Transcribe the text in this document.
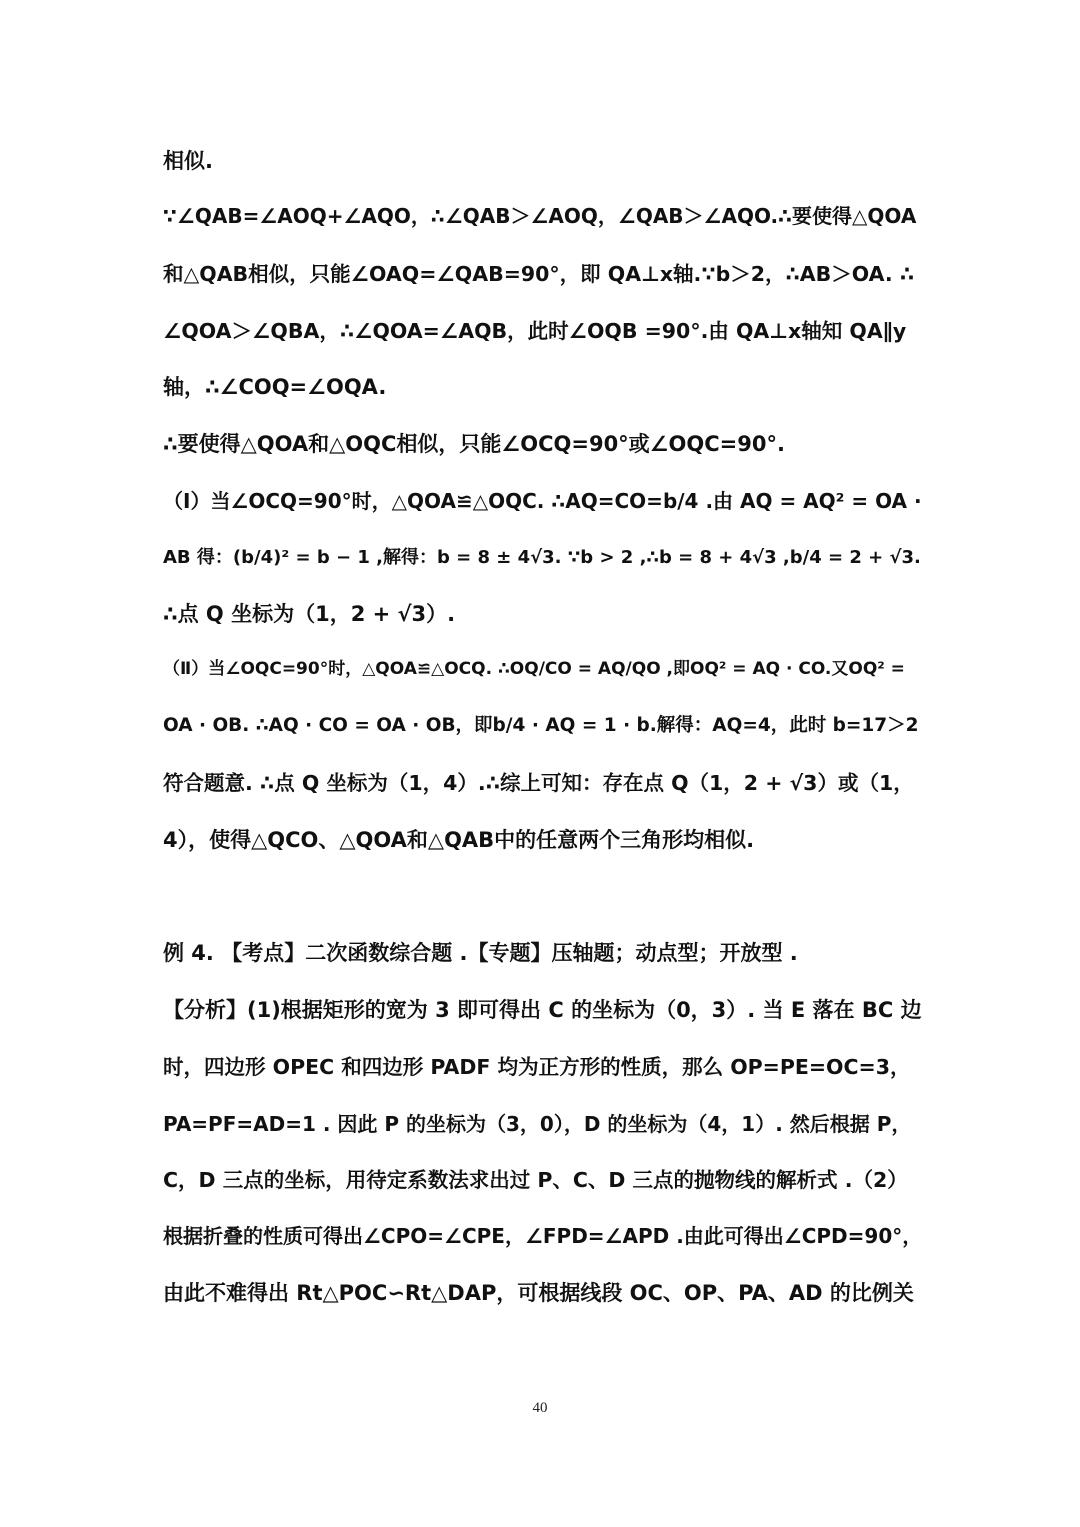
相似.
∵∠QAB=∠AOQ+∠AQO，∴∠QAB＞∠AOQ，∠QAB＞∠AQO.∴要使得△QOA
和△QAB相似，只能∠OAQ=∠QAB=90°，即 QA⊥x轴.∵b＞2，∴AB＞OA. ∴
∠QOA＞∠QBA，∴∠QOA=∠AQB，此时∠OQB =90°.由 QA⊥x轴知 QA∥y
轴，∴∠COQ=∠OQA.
∴要使得△QOA和△OQC相似，只能∠OCQ=90°或∠OQC=90°.
（Ⅰ）当∠OCQ=90°时，△QOA≌△OQC. ∴AQ=CO=b/4 .由 AQ = AQ² = OA ·
AB 得：(b/4)² = b − 1 ,解得：b = 8 ± 4√3. ∵b > 2 ,∴b = 8 + 4√3 ,b/4 = 2 + √3.
∴点 Q 坐标为（1，2 + √3）.
（Ⅱ）当∠OQC=90°时，△QOA≌△OCQ. ∴OQ/CO = AQ/QO ,即OQ² = AQ · CO.又OQ² =
OA · OB. ∴AQ · CO = OA · OB，即b/4 · AQ = 1 · b.解得：AQ=4，此时 b=17＞2
符合题意. ∴点 Q 坐标为（1，4）.∴综上可知：存在点 Q（1，2 + √3）或（1，
4），使得△QCO、△QOA和△QAB中的任意两个三角形均相似.
例 4. 【考点】二次函数综合题 .【专题】压轴题；动点型；开放型 .
【分析】(1)根据矩形的宽为 3 即可得出 C 的坐标为（0，3）. 当 E 落在 BC 边
时，四边形 OPEC 和四边形 PADF 均为正方形的性质，那么 OP=PE=OC=3，
PA=PF=AD=1 . 因此 P 的坐标为（3，0），D 的坐标为（4，1）. 然后根据 P，
C，D 三点的坐标，用待定系数法求出过 P、C、D 三点的抛物线的解析式 .（2）
根据折叠的性质可得出∠CPO=∠CPE，∠FPD=∠APD .由此可得出∠CPD=90°，
由此不难得出 Rt△POC∽Rt△DAP，可根据线段 OC、OP、PA、AD 的比例关
40
